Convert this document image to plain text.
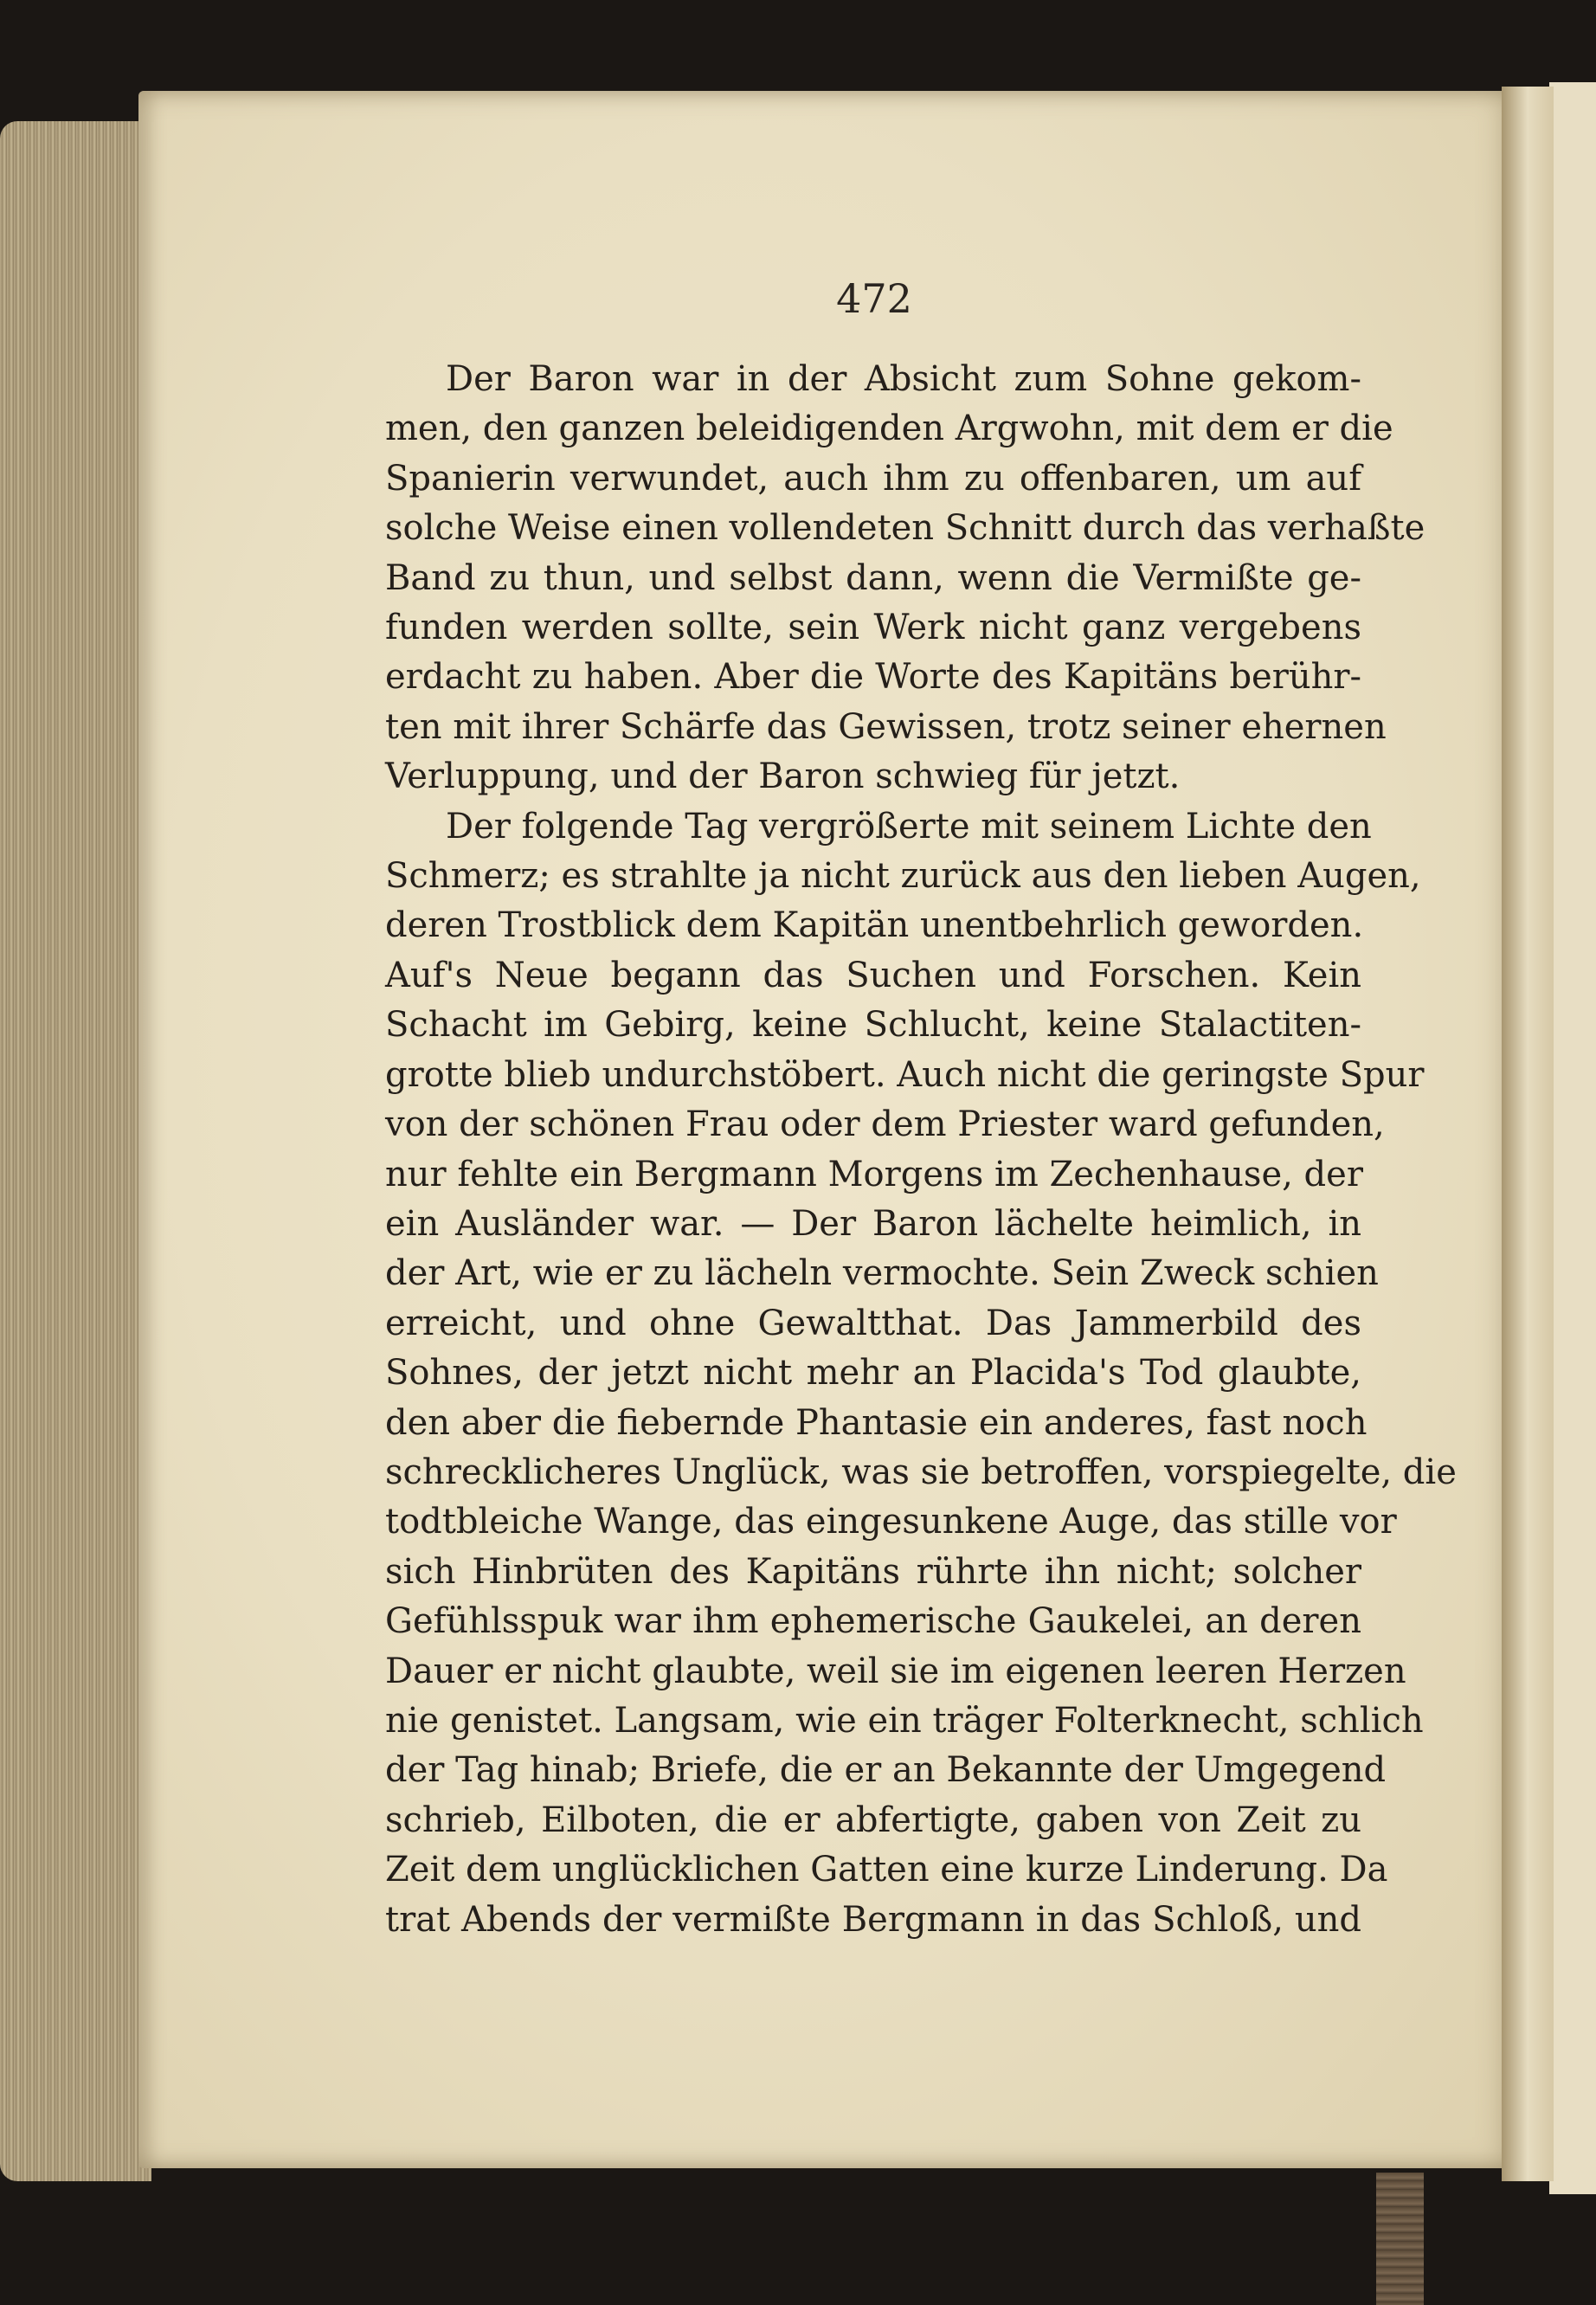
472
Der Baron war in der Absicht zum Sohne gekom-
men, den ganzen beleidigenden Argwohn, mit dem er die
Spanierin verwundet, auch ihm zu offenbaren, um auf
solche Weise einen vollendeten Schnitt durch das verhaßte
Band zu thun, und selbst dann, wenn die Vermißte ge-
funden werden sollte, sein Werk nicht ganz vergebens
erdacht zu haben. Aber die Worte des Kapitäns berühr-
ten mit ihrer Schärfe das Gewissen, trotz seiner ehernen
Verluppung, und der Baron schwieg für jetzt.
Der folgende Tag vergrößerte mit seinem Lichte den
Schmerz; es strahlte ja nicht zurück aus den lieben Augen,
deren Trostblick dem Kapitän unentbehrlich geworden.
Auf's Neue begann das Suchen und Forschen. Kein
Schacht im Gebirg, keine Schlucht, keine Stalactiten-
grotte blieb undurchstöbert. Auch nicht die geringste Spur
von der schönen Frau oder dem Priester ward gefunden,
nur fehlte ein Bergmann Morgens im Zechenhause, der
ein Ausländer war. — Der Baron lächelte heimlich, in
der Art, wie er zu lächeln vermochte. Sein Zweck schien
erreicht, und ohne Gewaltthat. Das Jammerbild des
Sohnes, der jetzt nicht mehr an Placida's Tod glaubte,
den aber die fiebernde Phantasie ein anderes, fast noch
schrecklicheres Unglück, was sie betroffen, vorspiegelte, die
todtbleiche Wange, das eingesunkene Auge, das stille vor
sich Hinbrüten des Kapitäns rührte ihn nicht; solcher
Gefühlsspuk war ihm ephemerische Gaukelei, an deren
Dauer er nicht glaubte, weil sie im eigenen leeren Herzen
nie genistet. Langsam, wie ein träger Folterknecht, schlich
der Tag hinab; Briefe, die er an Bekannte der Umgegend
schrieb, Eilboten, die er abfertigte, gaben von Zeit zu
Zeit dem unglücklichen Gatten eine kurze Linderung. Da
trat Abends der vermißte Bergmann in das Schloß, und
